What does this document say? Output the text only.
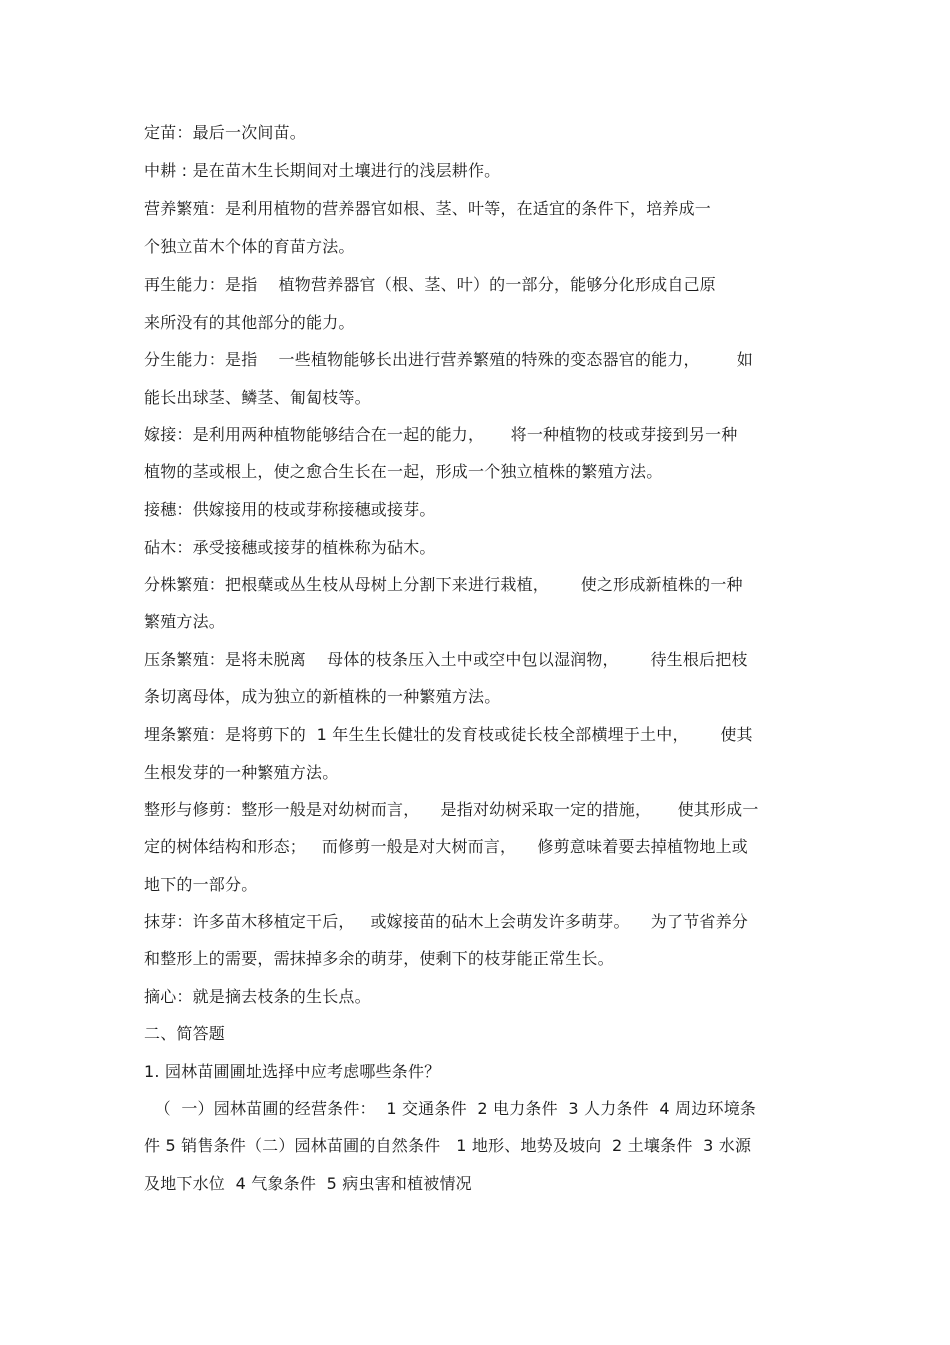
定苗：最后一次间苗。
中耕 : 是在苗木生长期间对土壤进行的浅层耕作。
营养繁殖：是利用植物的营养器官如根、茎、叶等，在适宜的条件下，培养成一
个独立苗木个体的育苗方法。
再生能力：是指    植物营养器官（根、茎、叶）的一部分，能够分化形成自己原
来所没有的其他部分的能力。
分生能力：是指    一些植物能够长出进行营养繁殖的特殊的变态器官的能力，       如
能长出球茎、鳞茎、匍匐枝等。
嫁接：是利用两种植物能够结合在一起的能力，     将一种植物的枝或芽接到另一种
植物的茎或根上，使之愈合生长在一起，形成一个独立植株的繁殖方法。
接穗：供嫁接用的枝或芽称接穗或接芽。
砧木：承受接穗或接芽的植株称为砧木。
分株繁殖：把根蘖或丛生枝从母树上分割下来进行栽植，      使之形成新植株的一种
繁殖方法。
压条繁殖：是将未脱离    母体的枝条压入土中或空中包以湿润物，      待生根后把枝
条切离母体，成为独立的新植株的一种繁殖方法。
埋条繁殖：是将剪下的  1 年生生长健壮的发育枝或徒长枝全部横埋于土中，      使其
生根发芽的一种繁殖方法。
整形与修剪：整形一般是对幼树而言，    是指对幼树采取一定的措施，     使其形成一
定的树体结构和形态；   而修剪一般是对大树而言，    修剪意味着要去掉植物地上或
地下的一部分。
抹芽：许多苗木移植定干后，   或嫁接苗的砧木上会萌发许多萌芽。    为了节省养分
和整形上的需要，需抹掉多余的萌芽，使剩下的枝芽能正常生长。
摘心：就是摘去枝条的生长点。
二、简答题
1. 园林苗圃圃址选择中应考虑哪些条件？
（  一）园林苗圃的经营条件：  1 交通条件  2 电力条件  3 人力条件  4 周边环境条
件 5 销售条件（二）园林苗圃的自然条件   1 地形、地势及坡向  2 土壤条件  3 水源
及地下水位  4 气象条件  5 病虫害和植被情况
